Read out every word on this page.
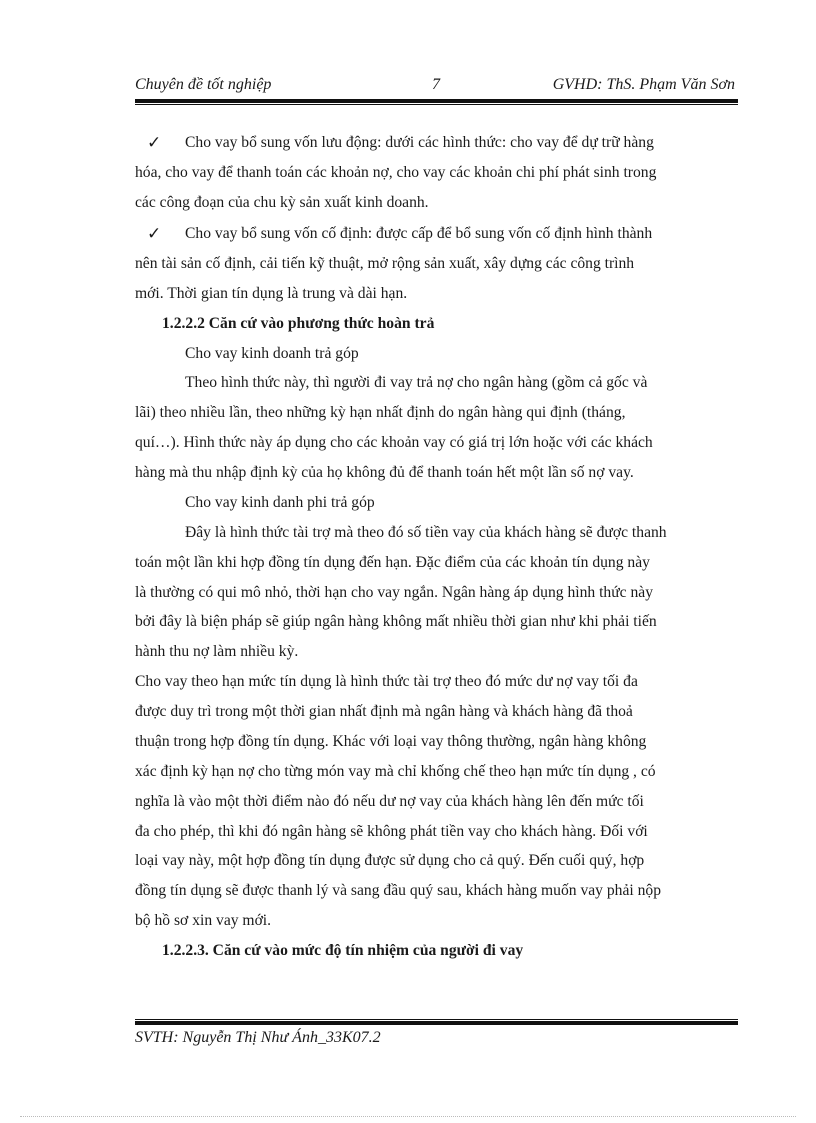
Chuyên đề tốt nghiệp	7	GVHD: ThS. Phạm Văn Sơn
✓ Cho vay bổ sung vốn lưu động: dưới các hình thức: cho vay để dự trữ hàng
hóa, cho vay để thanh toán các khoản nợ, cho vay các khoản chi phí phát sinh trong
các công đoạn của chu kỳ sản xuất kinh doanh.
✓ Cho vay bổ sung vốn cố định: được cấp để bổ sung vốn cố định hình thành
nên tài sản cố định, cải tiến kỹ thuật, mở rộng sản xuất, xây dựng các công trình
mới. Thời gian tín dụng là trung và dài hạn.
1.2.2.2 Căn cứ vào phương thức hoàn trả
Cho vay kinh doanh trả góp
Theo hình thức này, thì người đi vay trả nợ cho ngân hàng (gồm cả gốc và
lãi) theo nhiều lần, theo những kỳ hạn nhất định do ngân hàng qui định (tháng,
quí…). Hình thức này áp dụng cho các khoản vay có giá trị lớn hoặc với các khách
hàng mà thu nhập định kỳ của họ không đủ để thanh toán hết một lần số nợ vay.
Cho vay kinh danh phi trả góp
Đây là hình thức tài trợ mà theo đó số tiền vay của khách hàng sẽ được thanh
toán một lần khi hợp đồng tín dụng đến hạn. Đặc điểm của các khoản tín dụng này
là thường có qui mô nhỏ, thời hạn cho vay ngắn. Ngân hàng áp dụng hình thức này
bởi đây là biện pháp sẽ giúp ngân hàng không mất nhiều thời gian như khi phải tiến
hành thu nợ làm nhiều kỳ.
Cho vay theo hạn mức tín dụng là hình thức tài trợ theo đó mức dư nợ vay tối đa
được duy trì trong một thời gian nhất định mà ngân hàng và khách hàng đã thoả
thuận trong hợp đồng tín dụng. Khác với loại vay thông thường, ngân hàng không
xác định kỳ hạn nợ cho từng món vay mà chỉ khống chế theo hạn mức tín dụng , có
nghĩa là vào một thời điểm nào đó nếu dư nợ vay của khách hàng lên đến mức tối
đa cho phép, thì khi đó ngân hàng sẽ không phát tiền vay cho khách hàng. Đối với
loại vay này, một hợp đồng tín dụng được sử dụng cho cả quý. Đến cuối quý, hợp
đồng tín dụng sẽ được thanh lý và sang đầu quý sau, khách hàng muốn vay phải nộp
bộ hồ sơ xin vay mới.
1.2.2.3. Căn cứ vào mức độ tín nhiệm của người đi vay
SVTH: Nguyễn Thị Như Ánh_33K07.2
